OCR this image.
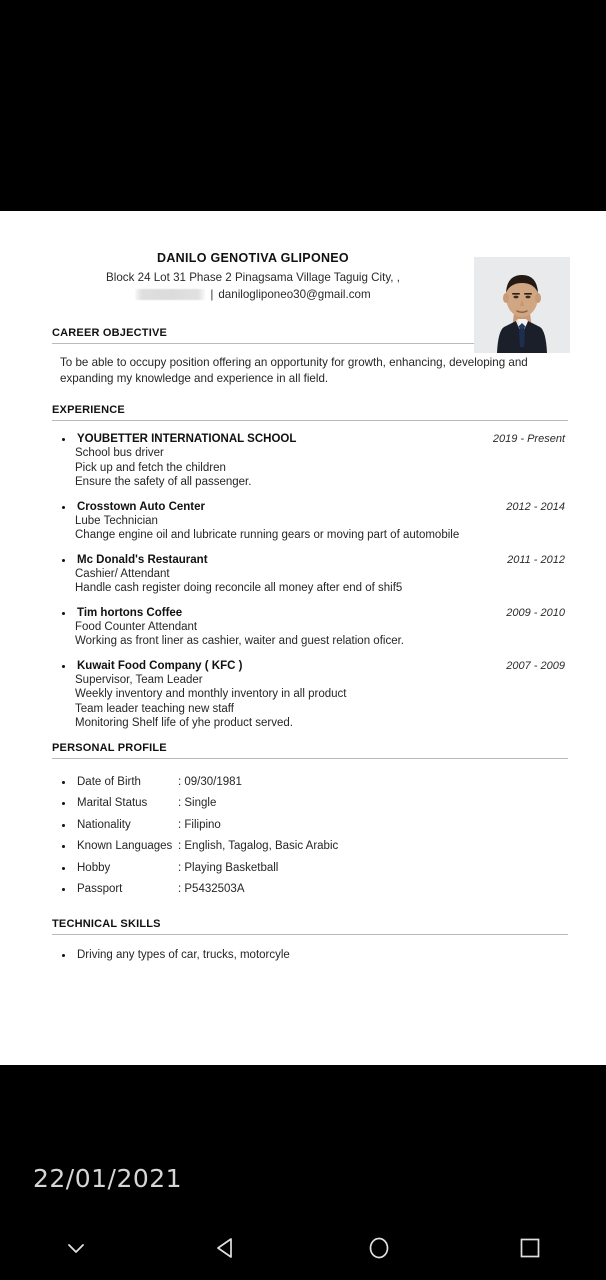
DANILO GENOTIVA GLIPONEO
Block 24 Lot 31 Phase 2 Pinagsama Village Taguig City, ,
| danilogliponeo30@gmail.com
CAREER OBJECTIVE
To be able to occupy position offering an opportunity for growth, enhancing, developing and expanding my knowledge and experience in all field.
EXPERIENCE
YOUBETTER INTERNATIONAL SCHOOL	2019 - Present
School bus driver
Pick up and fetch the children
Ensure the safety of all passenger.
Crosstown Auto Center	2012 - 2014
Lube Technician
Change engine oil and lubricate running gears or moving part of automobile
Mc Donald's Restaurant	2011 - 2012
Cashier/ Attendant
Handle cash register doing reconcile all money after end of shif5
Tim hortons Coffee	2009 - 2010
Food Counter Attendant
Working as front liner as cashier, waiter and guest relation oficer.
Kuwait Food Company ( KFC )	2007 - 2009
Supervisor, Team Leader
Weekly inventory and monthly inventory in all product
Team leader teaching new staff
Monitoring Shelf life of yhe product served.
PERSONAL PROFILE
Date of Birth	: 09/30/1981
Marital Status	: Single
Nationality	: Filipino
Known Languages	: English, Tagalog, Basic Arabic
Hobby	: Playing Basketball
Passport	: P5432503A
TECHNICAL SKILLS
Driving any types of car, trucks, motorcyle
22/01/2021
